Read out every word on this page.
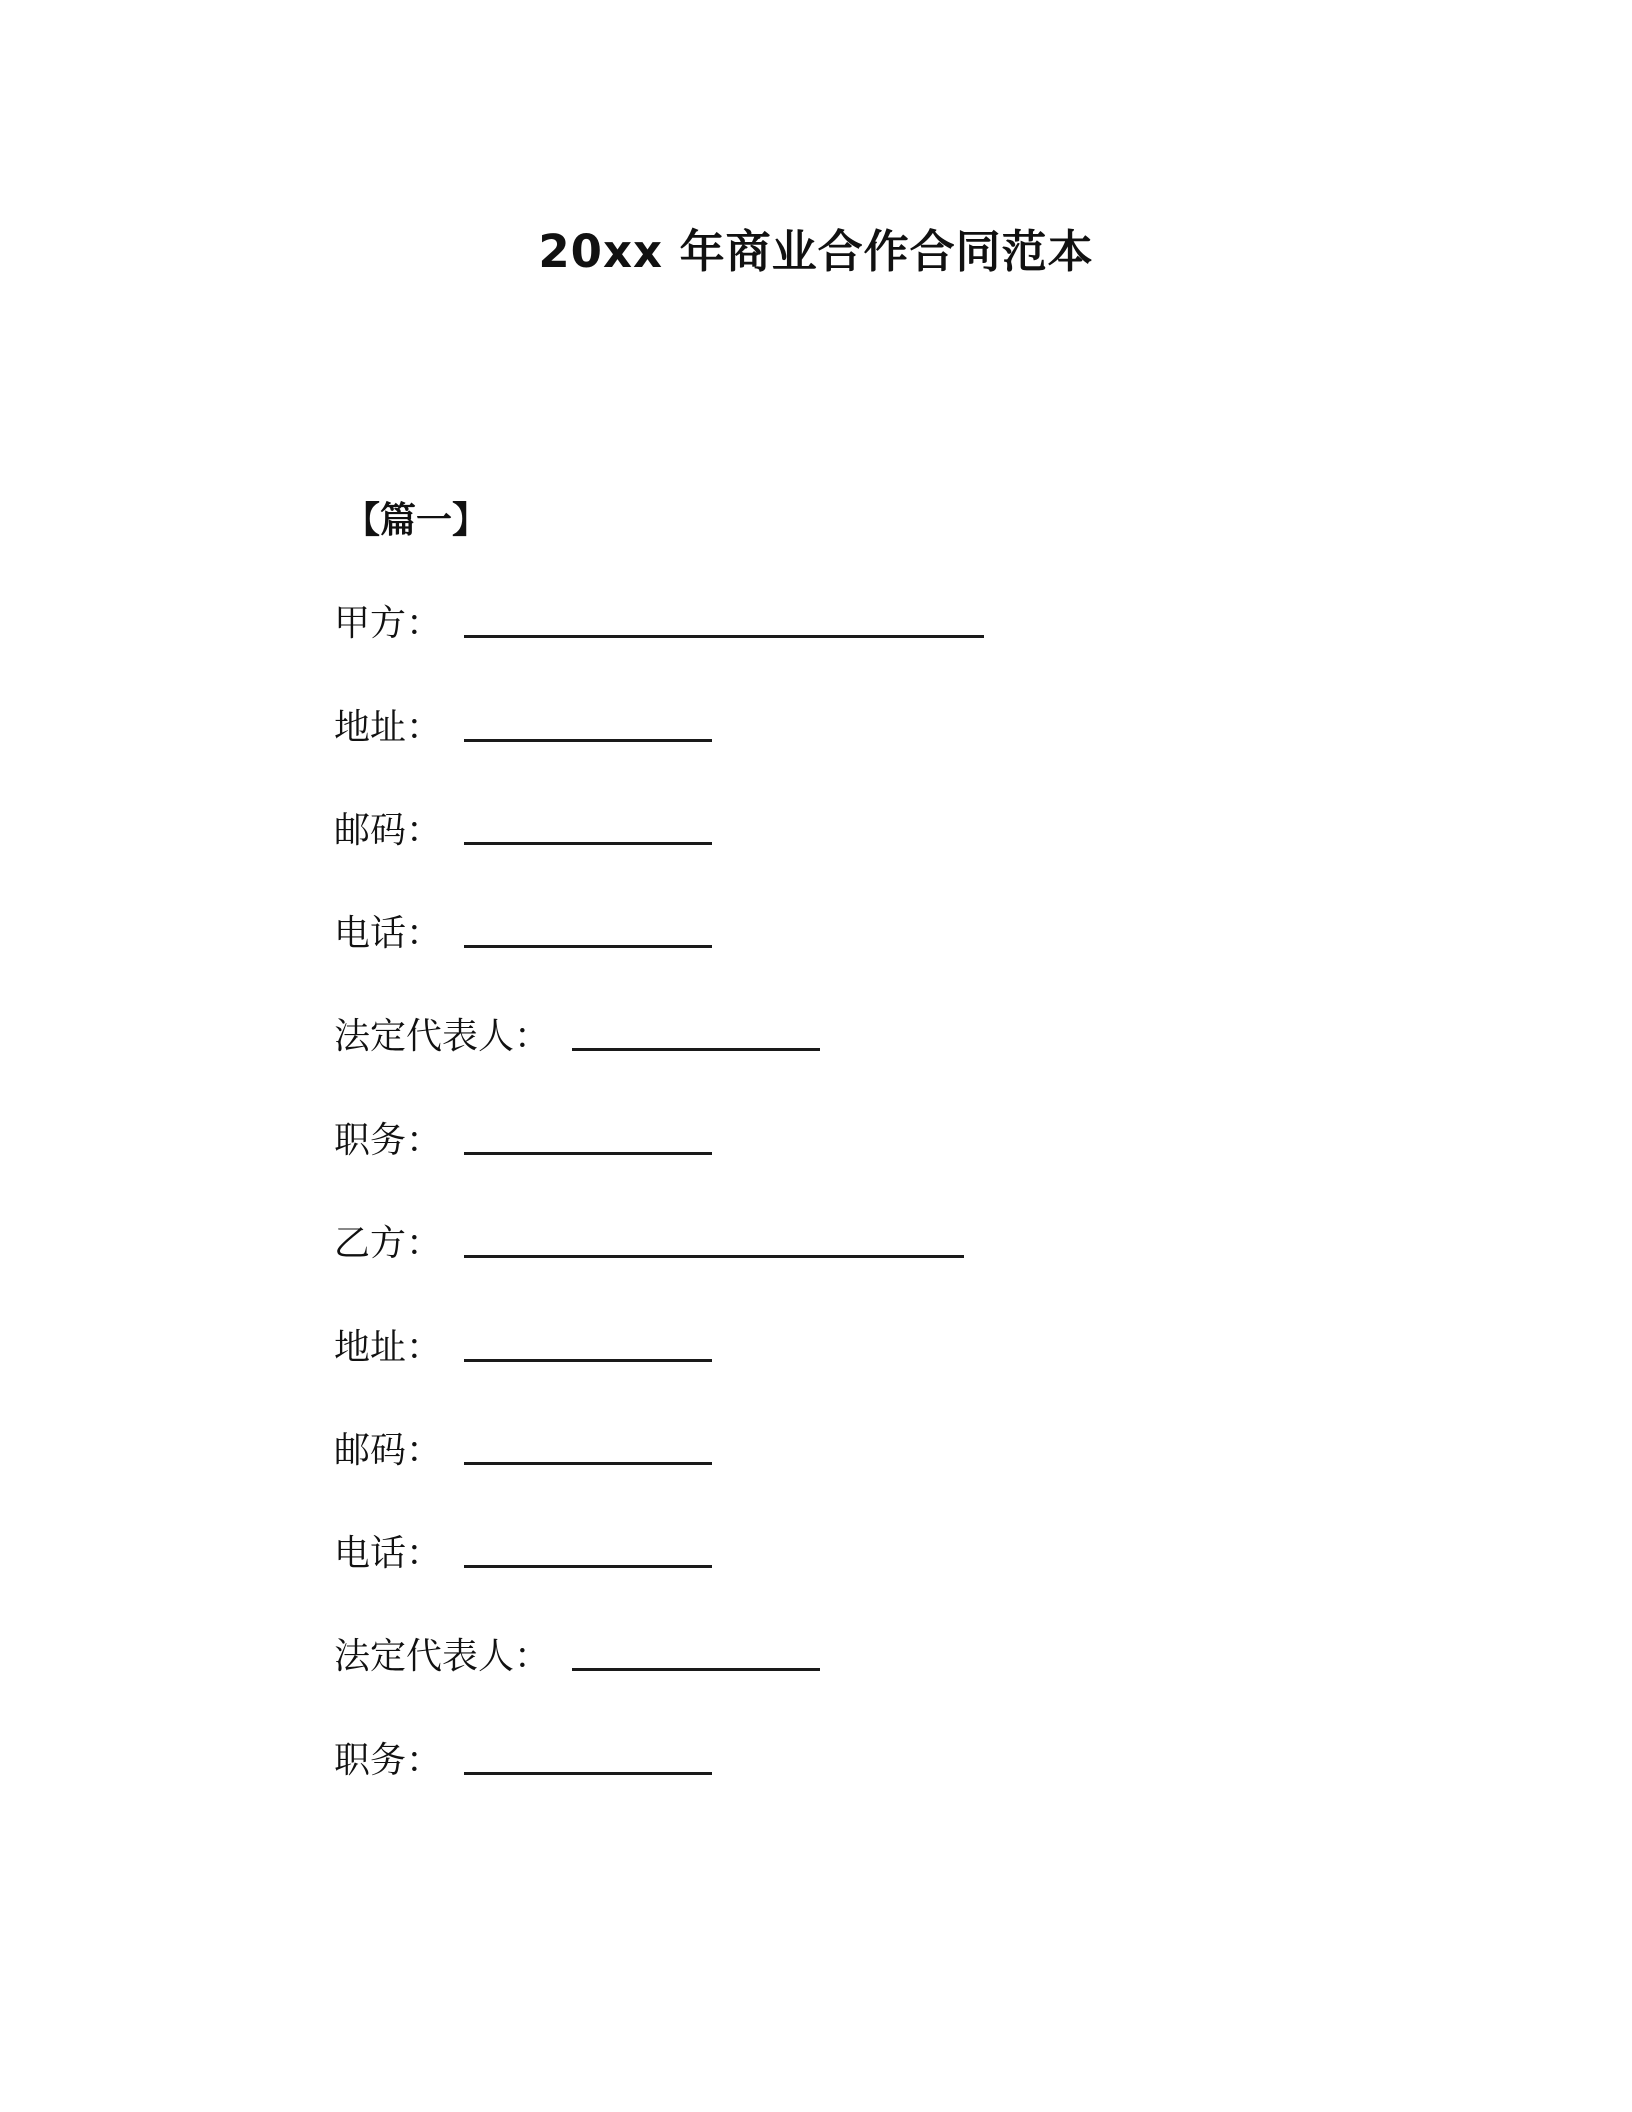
20xx 年商业合作合同范本
【篇一】
甲方：
地址：
邮码：
电话：
法定代表人：
职务：
乙方：
地址：
邮码：
电话：
法定代表人：
职务：
